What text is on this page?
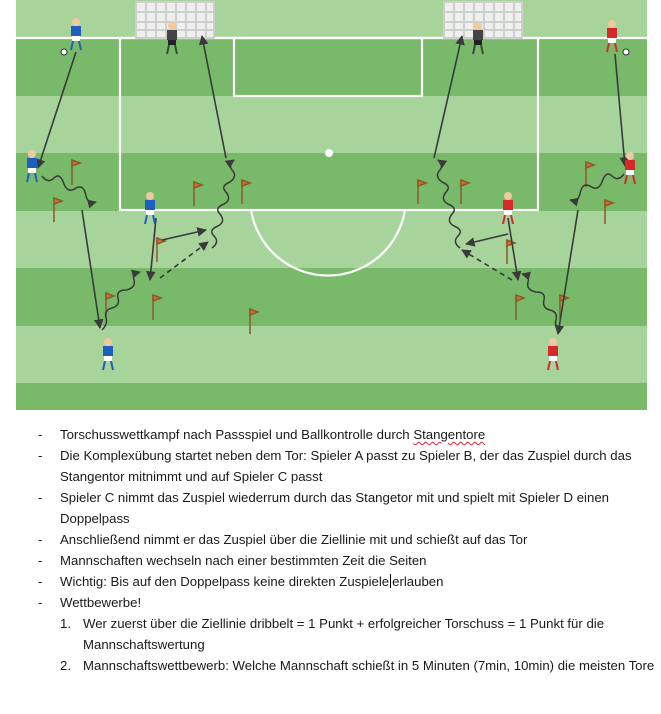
-	Torschusswettkampf nach Passspiel und Ballkontrolle durch Stangentore
-	Die Komplexübung startet neben dem Tor: Spieler A passt zu Spieler B, der das Zuspiel durch das Stangentor mitnimmt und auf Spieler C passt
-	Spieler C nimmt das Zuspiel wiederrum durch das Stangetor mit und spielt mit Spieler D einen Doppelpass
-	Anschließend nimmt er das Zuspiel über die Ziellinie mit und schießt auf das Tor
-	Mannschaften wechseln nach einer bestimmten Zeit die Seiten
-	Wichtig: Bis auf den Doppelpass keine direkten Zuspiele erlauben
-	Wettbewerbe!
1. Wer zuerst über die Ziellinie dribbelt = 1 Punkt + erfolgreicher Torschuss = 1 Punkt für die Mannschaftswertung
2. Mannschaftswettbewerb: Welche Mannschaft schießt in 5 Minuten (7min, 10min) die meisten Tore
